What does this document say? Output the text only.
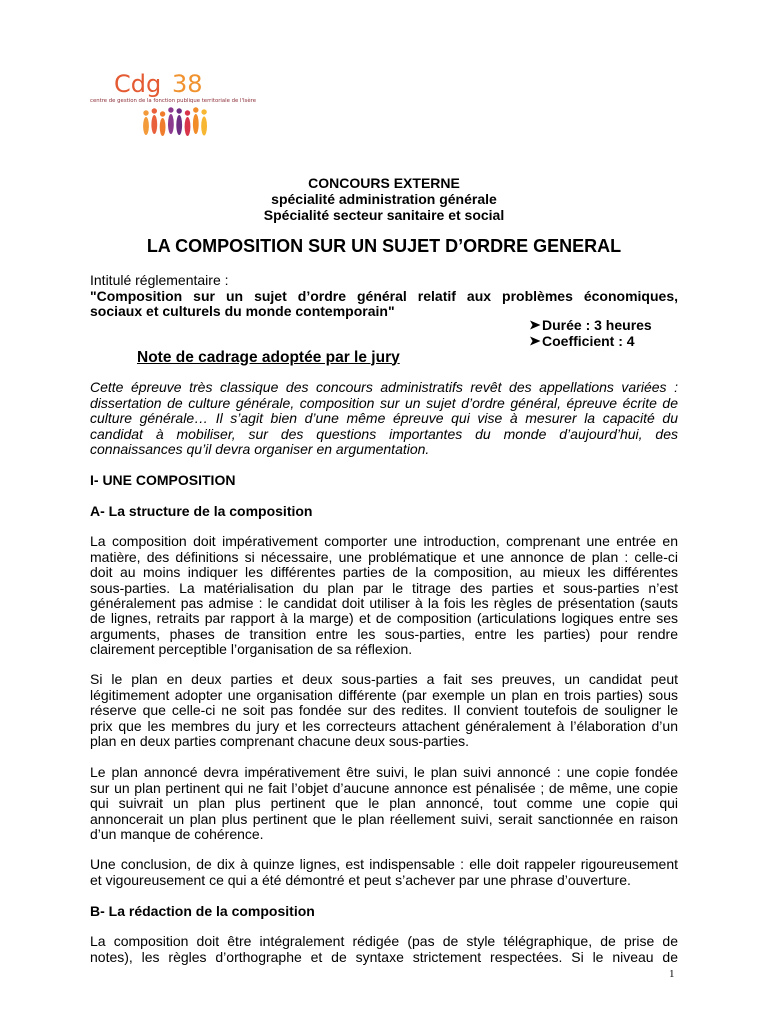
Cdg 38
centre de gestion de la fonction publique territoriale de l'Isère
CONCOURS EXTERNE
spécialité administration générale
Spécialité secteur sanitaire et social
LA COMPOSITION SUR UN SUJET D’ORDRE GENERAL
Intitulé réglementaire :
"Composition sur un sujet d’ordre général relatif aux problèmes économiques,
sociaux et culturels du monde contemporain"
Durée : 3 heures
Coefficient : 4
Note de cadrage adoptée par le jury
Cette épreuve très classique des concours administratifs revêt des appellations variées :
dissertation de culture générale, composition sur un sujet d’ordre général, épreuve écrite de
culture générale… Il s’agit bien d’une même épreuve qui vise à mesurer la capacité du
candidat à mobiliser, sur des questions importantes du monde d’aujourd’hui, des
connaissances qu’il devra organiser en argumentation.
I- UNE COMPOSITION
A- La structure de la composition
La composition doit impérativement comporter une introduction, comprenant une entrée en
matière, des définitions si nécessaire, une problématique et une annonce de plan : celle-ci
doit au moins indiquer les différentes parties de la composition, au mieux les différentes
sous-parties. La matérialisation du plan par le titrage des parties et sous-parties n’est
généralement pas admise : le candidat doit utiliser à la fois les règles de présentation (sauts
de lignes, retraits par rapport à la marge) et de composition (articulations logiques entre ses
arguments, phases de transition entre les sous-parties, entre les parties) pour rendre
clairement perceptible l’organisation de sa réflexion.
Si le plan en deux parties et deux sous-parties a fait ses preuves, un candidat peut
légitimement adopter une organisation différente (par exemple un plan en trois parties) sous
réserve que celle-ci ne soit pas fondée sur des redites. Il convient toutefois de souligner le
prix que les membres du jury et les correcteurs attachent généralement à l’élaboration d’un
plan en deux parties comprenant chacune deux sous-parties.
Le plan annoncé devra impérativement être suivi, le plan suivi annoncé : une copie fondée
sur un plan pertinent qui ne fait l’objet d’aucune annonce est pénalisée ; de même, une copie
qui suivrait un plan plus pertinent que le plan annoncé, tout comme une copie qui
annoncerait un plan plus pertinent que le plan réellement suivi, serait sanctionnée en raison
d’un manque de cohérence.
Une conclusion, de dix à quinze lignes, est indispensable : elle doit rappeler rigoureusement
et vigoureusement ce qui a été démontré et peut s’achever par une phrase d’ouverture.
B- La rédaction de la composition
La composition doit être intégralement rédigée (pas de style télégraphique, de prise de
notes), les règles d’orthographe et de syntaxe strictement respectées. Si le niveau de
1
